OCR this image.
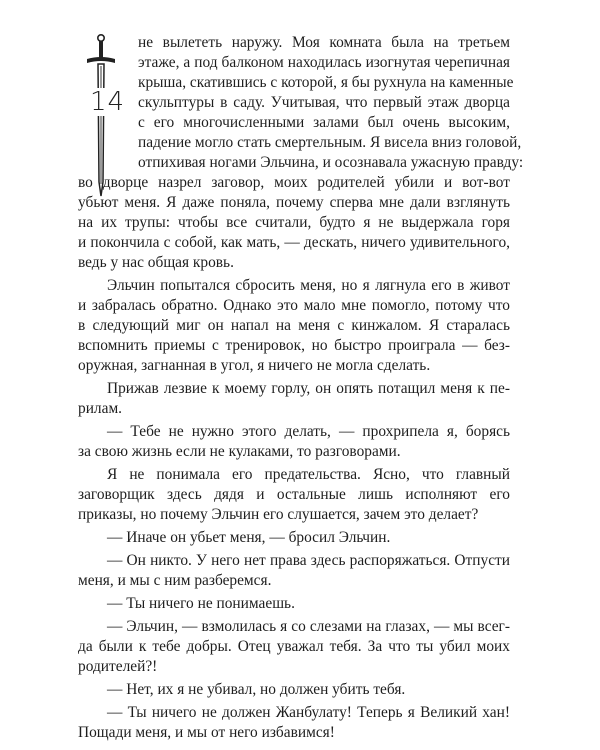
14
не вылететь наружу. Моя комната была на третьем
этаже, а под балконом находилась изогнутая черепичная
крыша, скатившись с которой, я бы рухнула на каменные
скульптуры в саду. Учитывая, что первый этаж дворца
с его многочисленными залами был очень высоким,
падение могло стать смертельным. Я висела вниз головой,
отпихивая ногами Эльчина, и осознавала ужасную правду:
во дворце назрел заговор, моих родителей убили и вот-вот
убьют меня. Я даже поняла, почему сперва мне дали взглянуть
на их трупы: чтобы все считали, будто я не выдержала горя
и покончила с собой, как мать, — дескать, ничего удивительного,
ведь у нас общая кровь.
Эльчин попытался сбросить меня, но я лягнула его в живот
и забралась обратно. Однако это мало мне помогло, потому что
в следующий миг он напал на меня с кинжалом. Я старалась
вспомнить приемы с тренировок, но быстро проиграла — без-
оружная, загнанная в угол, я ничего не могла сделать.
Прижав лезвие к моему горлу, он опять потащил меня к пе-
рилам.
— Тебе не нужно этого делать, — прохрипела я, борясь
за свою жизнь если не кулаками, то разговорами.
Я не понимала его предательства. Ясно, что главный
заговорщик здесь дядя и остальные лишь исполняют его
приказы, но почему Эльчин его слушается, зачем это делает?
— Иначе он убьет меня, — бросил Эльчин.
— Он никто. У него нет права здесь распоряжаться. Отпусти
меня, и мы с ним разберемся.
— Ты ничего не понимаешь.
— Эльчин, — взмолилась я со слезами на глазах, — мы всег-
да были к тебе добры. Отец уважал тебя. За что ты убил моих
родителей?!
— Нет, их я не убивал, но должен убить тебя.
— Ты ничего не должен Жанбулату! Теперь я Великий хан!
Пощади меня, и мы от него избавимся!
